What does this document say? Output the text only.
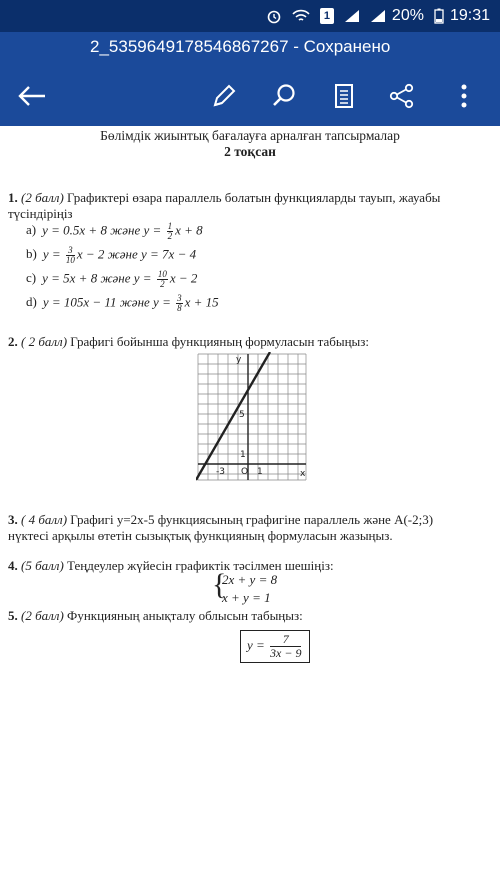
1	20% 19:31
2_5359649178546867267 - Сохранено
Бөлімдік жиынтық бағалауға арналған тапсырмалар
2 тоқсан
1. (2 балл) Графиктері өзара параллель болатын функцияларды тауып, жауабы
түсіндіріңіз
a) y = 0.5x + 8 және $y = \frac{1}{2}$ x + 8
b) $y = \frac{3}{10}$ x − 2 және y = 7x − 4
c) y = 5x + 8 және $y = \frac{10}{2}$ x − 2
d) y = 105x − 11 және $y = \frac{3}{8}$ x + 15
2. ( 2 балл) Графигі бойынша функцияның формуласын табыңыз:
y
x
5
1
O
-3	1
3. ( 4 балл) Графигі y=2x-5 функциясының графигіне параллель және А(-2;3)
нүктесі арқылы өтетін сызықтық функцияның формуласын жазыңыз.
4. (5 балл) Теңдеулер жүйесін графиктік тәсілмен шешіңіз:
{
2x + y = 8
x + y = 1
5. (2 балл) Функцияның анықталу облысын табыңыз:
$y = \frac{7}{3x - 9}$
